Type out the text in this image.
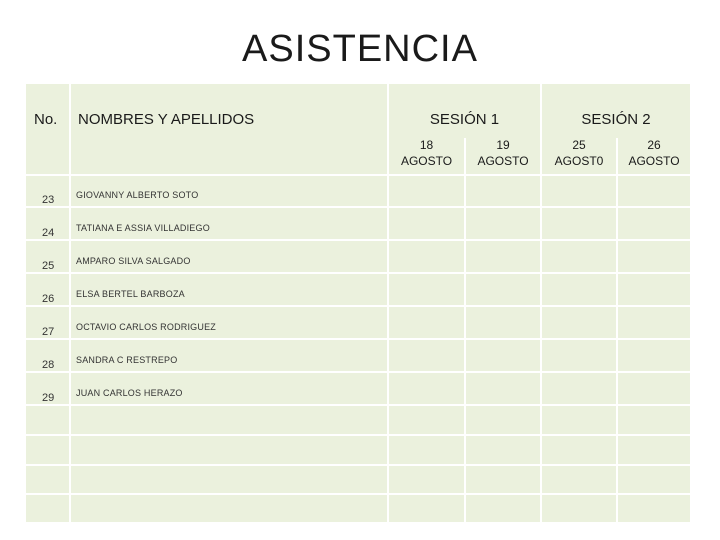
ASISTENCIA
No. NOMBRES Y APELLIDOS	SESIÓN 1	SESIÓN 2
18
AGOSTO
19
AGOSTO
25
AGOST0
26
AGOSTO
23 GIOVANNY ALBERTO SOTO
24 TATIANA E ASSIA VILLADIEGO
25 AMPARO SILVA SALGADO
26 ELSA BERTEL BARBOZA
27 OCTAVIO CARLOS RODRIGUEZ
28 SANDRA C RESTREPO
29 JUAN CARLOS HERAZO
